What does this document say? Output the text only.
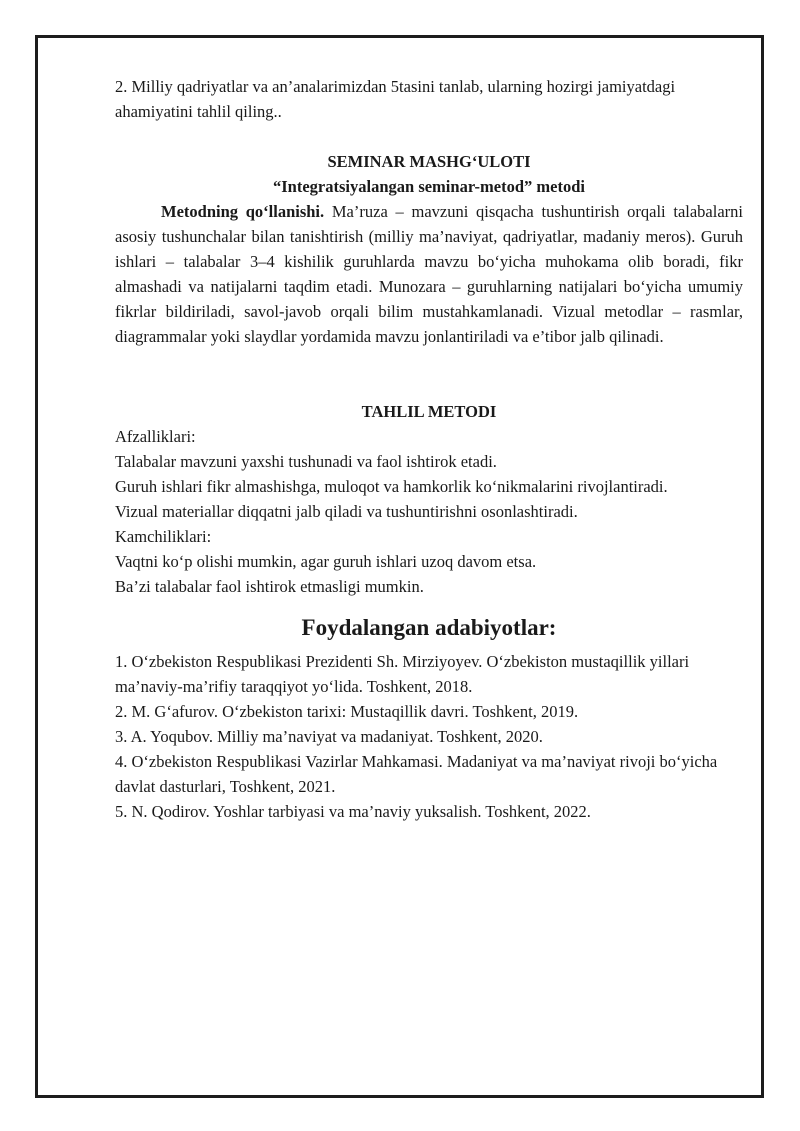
2. Milliy qadriyatlar va an’analarimizdan 5tasini tanlab, ularning hozirgi jamiyatdagi ahamiyatini tahlil qiling..

SEMINAR MASHG‘ULOTI

“Integratsiyalangan seminar-metod” metodi

Metodning qo‘llanishi. Ma’ruza – mavzuni qisqacha tushuntirish orqali talabalarni asosiy tushunchalar bilan tanishtirish (milliy ma’naviyat, qadriyatlar, madaniy meros). Guruh ishlari – talabalar 3–4 kishilik guruhlarda mavzu bo‘yicha muhokama olib boradi, fikr almashadi va natijalarni taqdim etadi. Munozara – guruhlarning natijalari bo‘yicha umumiy fikrlar bildiriladi, savol-javob orqali bilim mustahkamlanadi. Vizual metodlar – rasmlar, diagrammalar yoki slaydlar yordamida mavzu jonlantiriladi va e’tibor jalb qilinadi.

TAHLIL METODI

Afzalliklari:

Talabalar mavzuni yaxshi tushunadi va faol ishtirok etadi.

Guruh ishlari fikr almashishga, muloqot va hamkorlik ko‘nikmalarini rivojlantiradi.

Vizual materiallar diqqatni jalb qiladi va tushuntirishni osonlashtiradi.

Kamchiliklari:

Vaqtni ko‘p olishi mumkin, agar guruh ishlari uzoq davom etsa.

Ba’zi talabalar faol ishtirok etmasligi mumkin.

Foydalangan adabiyotlar:

1. O‘zbekiston Respublikasi Prezidenti Sh. Mirziyoyev. O‘zbekiston mustaqillik yillari ma’naviy-ma’rifiy taraqqiyot yo‘lida. Toshkent, 2018.

2. M. G‘afurov. O‘zbekiston tarixi: Mustaqillik davri. Toshkent, 2019.

3. A. Yoqubov. Milliy ma’naviyat va madaniyat. Toshkent, 2020.

4. O‘zbekiston Respublikasi Vazirlar Mahkamasi. Madaniyat va ma’naviyat rivoji bo‘yicha davlat dasturlari, Toshkent, 2021.

5. N. Qodirov. Yoshlar tarbiyasi va ma’naviy yuksalish. Toshkent, 2022.
